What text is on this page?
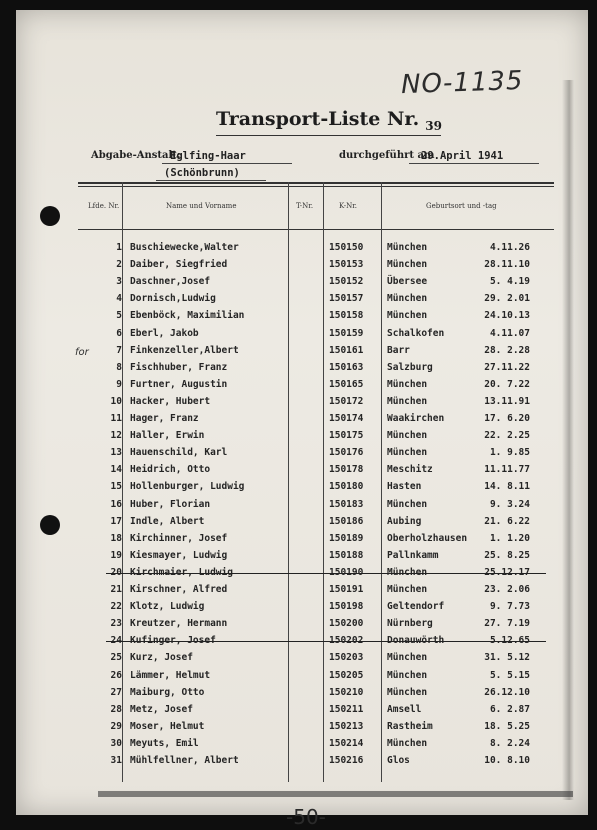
NO-1135
Transport-Liste Nr. $_{39}$
Abgabe-Anstalt:
Eglfing-Haar
(Schönbrunn)
durchgeführt am
29.April 1941
Lfde. Nr.	Name und Vorname	T-Nr.	K-Nr.	Geburtsort und -tag
1 Buschiewecke,Walter	150150 München	4.11.26
2 Daiber, Siegfried	150153 München	28.11.10
3 Daschner,Josef	150152 Übersee	5. 4.19
4 Dornisch,Ludwig	150157 München	29. 2.01
5 Ebenböck, Maximilian	150158 München	24.10.13
6 Eberl, Jakob	150159 Schalkofen	4.11.07
7 Finkenzeller,Albert	150161 Barr	28. 2.28
8 Fischhuber, Franz	150163 Salzburg	27.11.22
9 Furtner, Augustin	150165 München	20. 7.22
10 Hacker, Hubert	150172 München	13.11.91
11 Hager, Franz	150174 Waakirchen	17. 6.20
12 Haller, Erwin	150175 München	22. 2.25
13 Hauenschild, Karl	150176 München	1. 9.85
14 Heidrich, Otto	150178 Meschitz	11.11.77
15 Hollenburger, Ludwig	150180 Hasten	14. 8.11
16 Huber, Florian	150183 München	9. 3.24
17 Indle, Albert	150186 Aubing	21. 6.22
18 Kirchinner, Josef	150189 Oberholzhausen	1. 1.20
19 Kiesmayer, Ludwig	150188 Pallnkamm	25. 8.25
20 Kirchmaier, Ludwig	150190 München	25.12.17
21 Kirschner, Alfred	150191 München	23. 2.06
22 Klotz, Ludwig	150198 Geltendorf	9. 7.73
23 Kreutzer, Hermann	150200 Nürnberg	27. 7.19
24 Kufinger, Josef	150202 Donauwörth	5.12.65
25 Kurz, Josef	150203 München	31. 5.12
26 Lämmer, Helmut	150205 München	5. 5.15
27 Maiburg, Otto	150210 München	26.12.10
28 Metz, Josef	150211 Amsell	6. 2.87
29 Moser, Helmut	150213 Rastheim	18. 5.25
30 Meyuts, Emil	150214 München	8. 2.24
31 Mühlfellner, Albert	150216 Glos	10. 8.10
for
-50-
